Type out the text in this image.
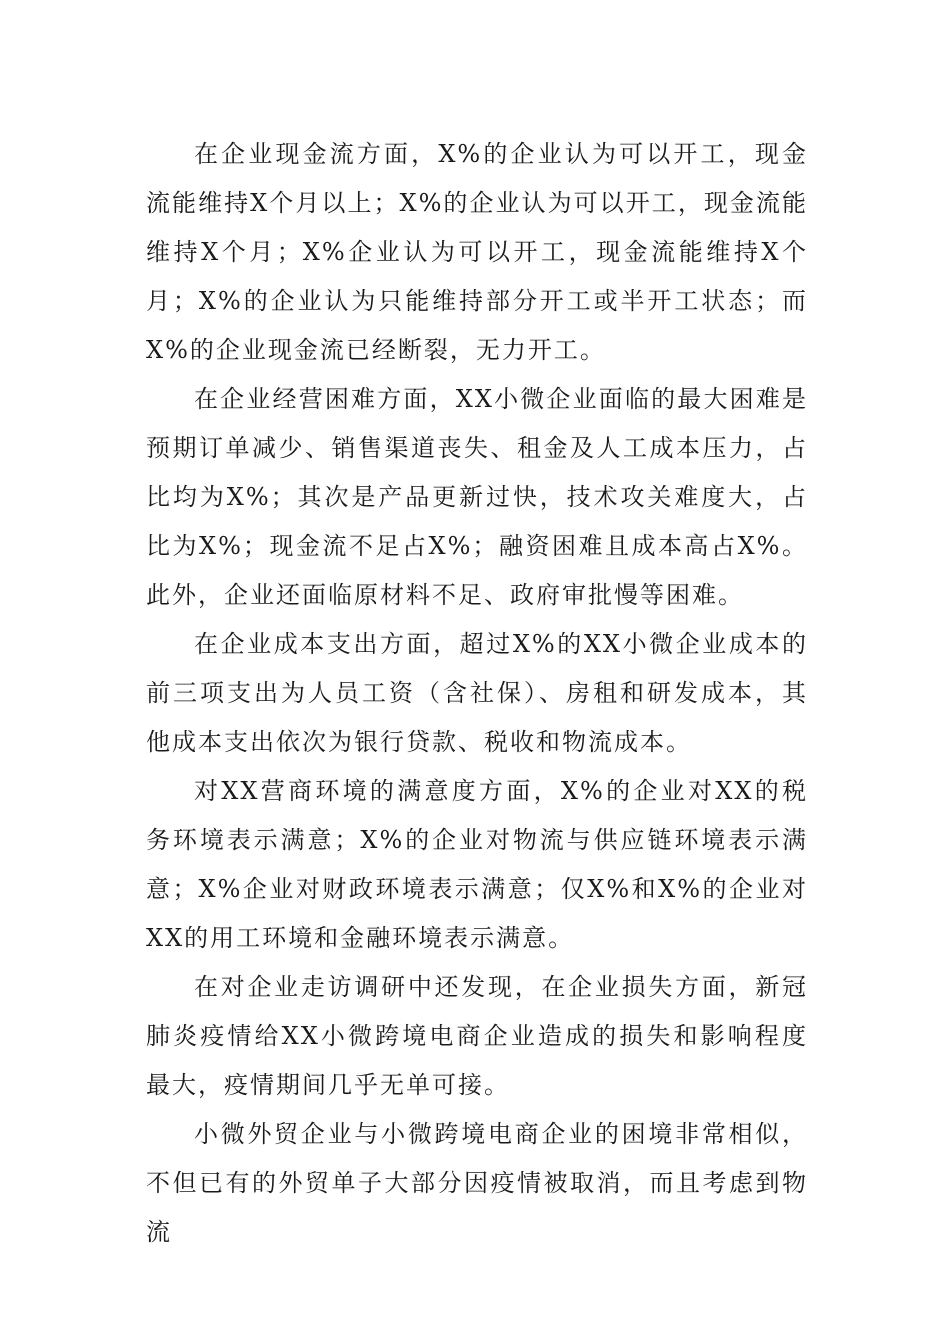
在企业现金流方面，X%的企业认为可以开工，现金流能维持X个月以上；X%的企业认为可以开工，现金流能维持X个月；X%企业认为可以开工，现金流能维持X个月；X%的企业认为只能维持部分开工或半开工状态；而X%的企业现金流已经断裂，无力开工。

在企业经营困难方面，XX小微企业面临的最大困难是预期订单减少、销售渠道丧失、租金及人工成本压力，占比均为X%；其次是产品更新过快，技术攻关难度大，占比为X%；现金流不足占X%；融资困难且成本高占X%。此外，企业还面临原材料不足、政府审批慢等困难。

在企业成本支出方面，超过X%的XX小微企业成本的前三项支出为人员工资（含社保）、房租和研发成本，其他成本支出依次为银行贷款、税收和物流成本。

对XX营商环境的满意度方面，X%的企业对XX的税务环境表示满意；X%的企业对物流与供应链环境表示满意；X%企业对财政环境表示满意；仅X%和X%的企业对XX的用工环境和金融环境表示满意。

在对企业走访调研中还发现，在企业损失方面，新冠肺炎疫情给XX小微跨境电商企业造成的损失和影响程度最大，疫情期间几乎无单可接。

小微外贸企业与小微跨境电商企业的困境非常相似，不但已有的外贸单子大部分因疫情被取消，而且考虑到物流
